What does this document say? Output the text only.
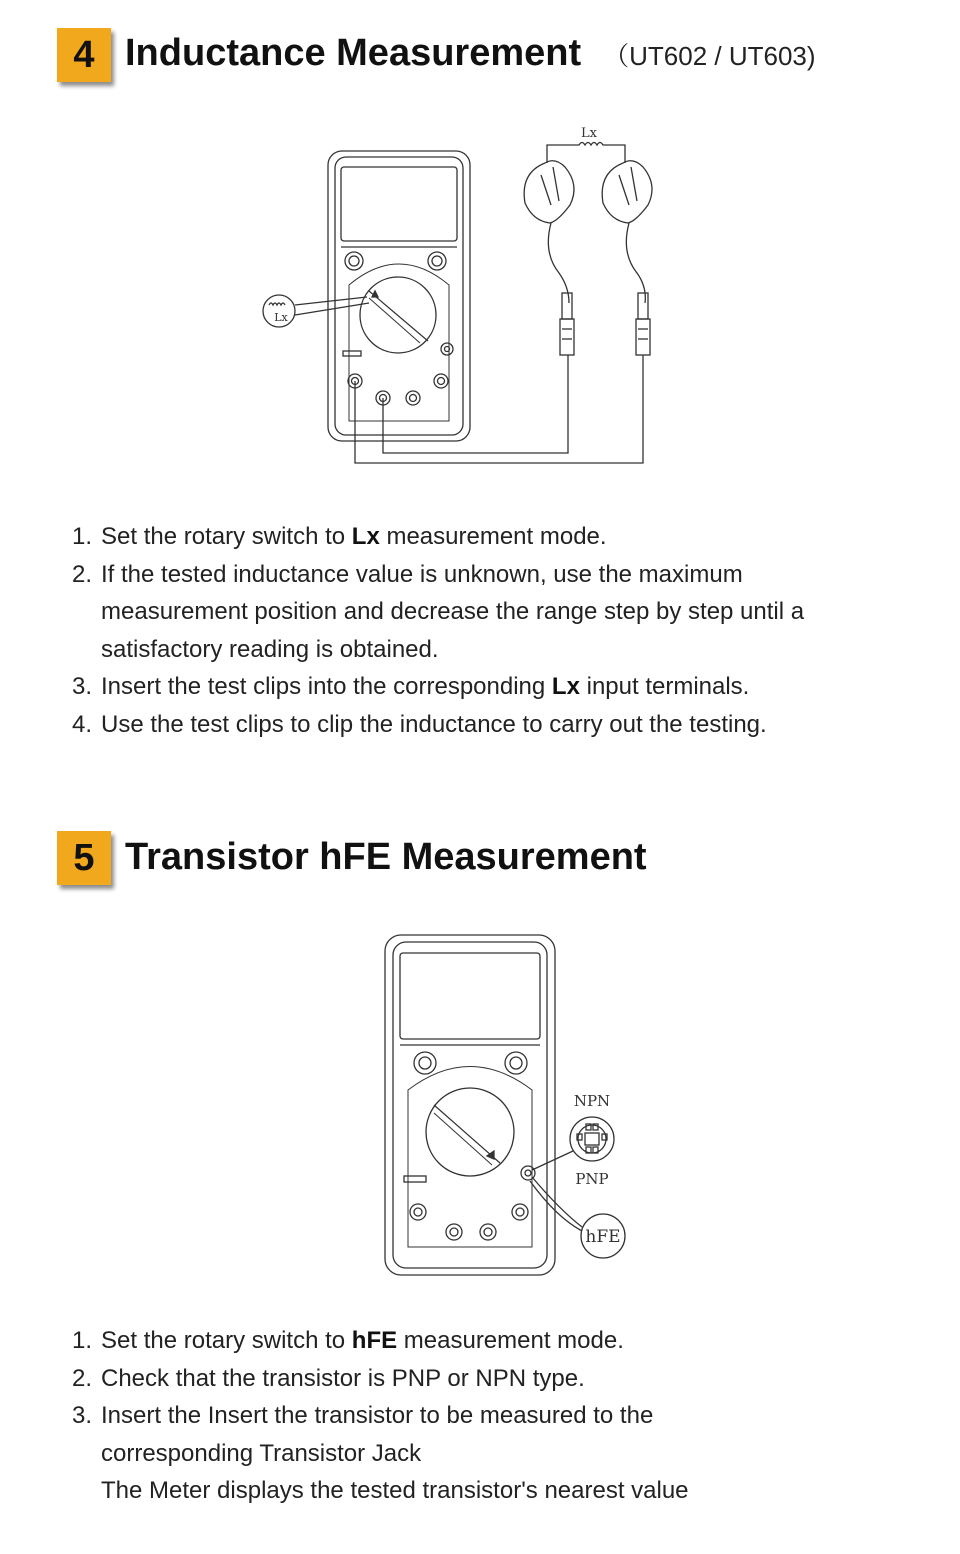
4 Inductance Measurement （UT602 / UT603)
Lx
Lx
1. Set the rotary switch to Lx measurement mode.
2. If the tested inductance value is unknown, use the maximum
measurement position and decrease the range step by step until a
satisfactory reading is obtained.
3. Insert the test clips into the corresponding Lx input terminals.
4. Use the test clips to clip the inductance to carry out the testing.
5 Transistor hFE Measurement
NPN
PNP
hFE
1. Set the rotary switch to hFE measurement mode.
2. Check that the transistor is PNP or NPN type.
3. Insert the Insert the transistor to be measured to the
corresponding Transistor Jack
The Meter displays the tested transistor's nearest value
